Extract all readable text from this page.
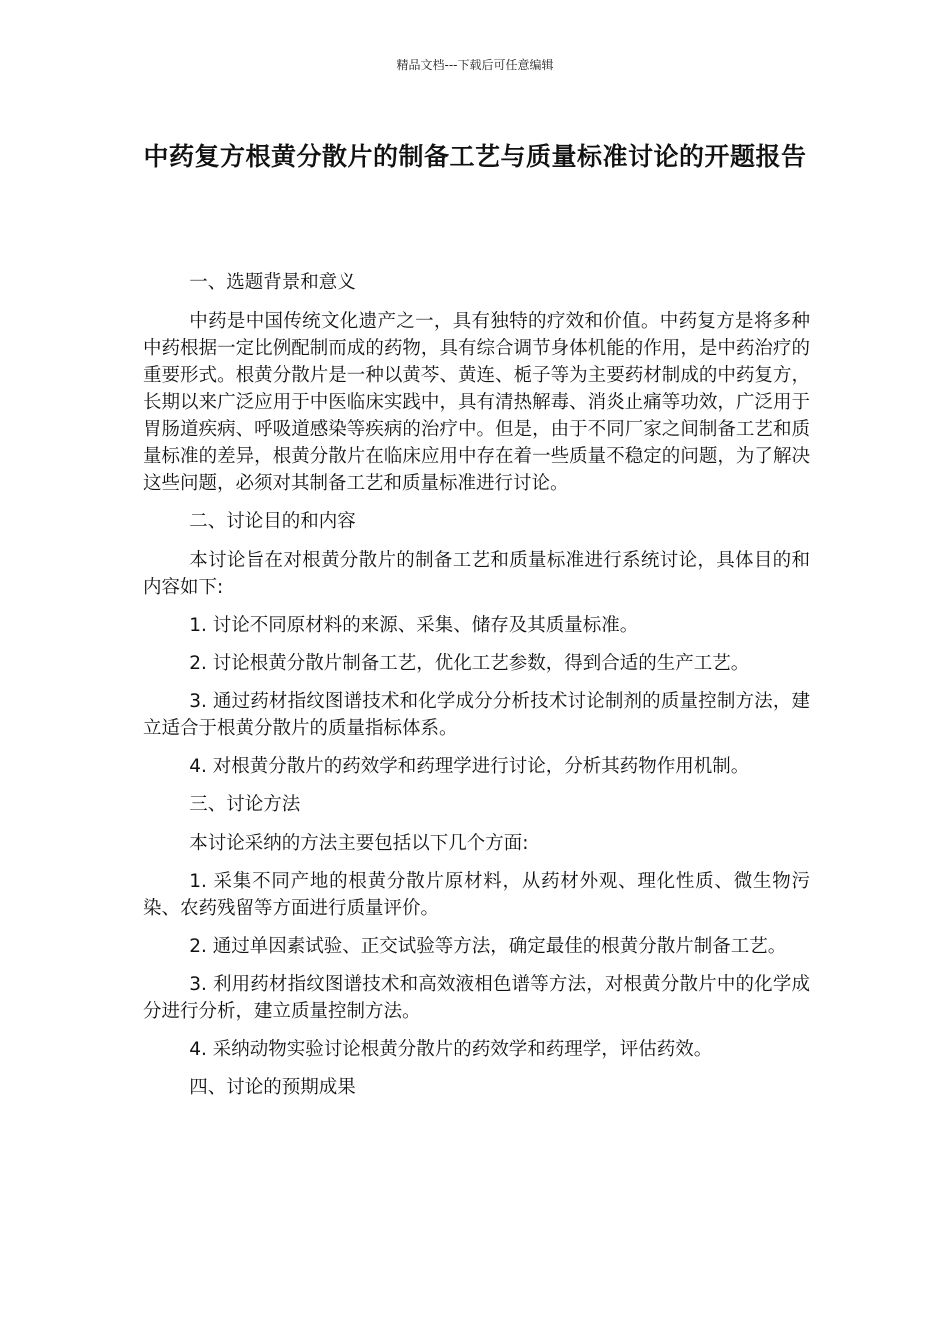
精品文档---下载后可任意编辑
中药复方根黄分散片的制备工艺与质量标准讨论的开题报告

一、选题背景和意义

中药是中国传统文化遗产之一，具有独特的疗效和价值。中药复方是将多种中药根据一定比例配制而成的药物，具有综合调节身体机能的作用，是中药治疗的重要形式。根黄分散片是一种以黄芩、黄连、栀子等为主要药材制成的中药复方，长期以来广泛应用于中医临床实践中，具有清热解毒、消炎止痛等功效，广泛用于胃肠道疾病、呼吸道感染等疾病的治疗中。但是，由于不同厂家之间制备工艺和质量标准的差异，根黄分散片在临床应用中存在着一些质量不稳定的问题，为了解决这些问题，必须对其制备工艺和质量标准进行讨论。

二、讨论目的和内容

本讨论旨在对根黄分散片的制备工艺和质量标准进行系统讨论，具体目的和内容如下:

1. 讨论不同原材料的来源、采集、储存及其质量标准。

2. 讨论根黄分散片制备工艺，优化工艺参数，得到合适的生产工艺。

3. 通过药材指纹图谱技术和化学成分分析技术讨论制剂的质量控制方法，建立适合于根黄分散片的质量指标体系。

4. 对根黄分散片的药效学和药理学进行讨论，分析其药物作用机制。

三、讨论方法

本讨论采纳的方法主要包括以下几个方面:

1. 采集不同产地的根黄分散片原材料，从药材外观、理化性质、微生物污染、农药残留等方面进行质量评价。

2. 通过单因素试验、正交试验等方法，确定最佳的根黄分散片制备工艺。

3. 利用药材指纹图谱技术和高效液相色谱等方法，对根黄分散片中的化学成分进行分析，建立质量控制方法。

4. 采纳动物实验讨论根黄分散片的药效学和药理学，评估药效。

四、讨论的预期成果
